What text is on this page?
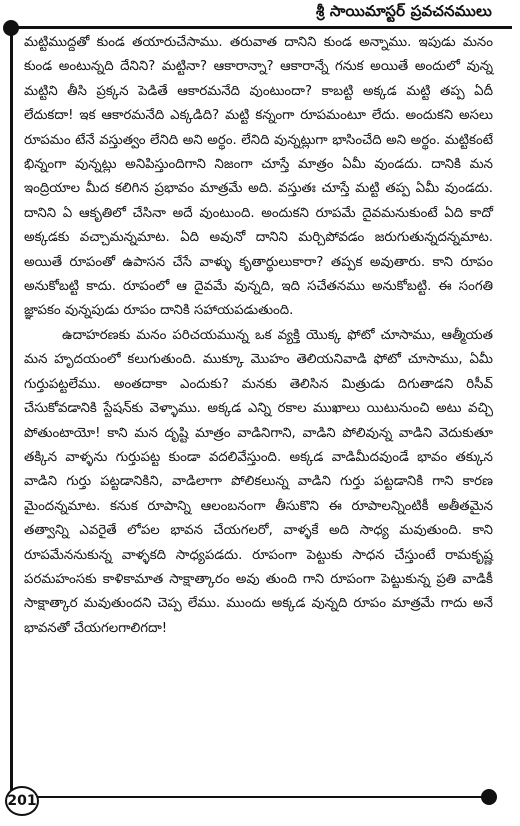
శ్రీ సాయిమాస్టర్ ప్రవచనములు

మట్టిముద్దతో కుండ తయారుచేసాము. తరువాత దానిని కుండ అన్నాము. ఇపుడు మనం కుండ అంటున్నది దేనిని? మట్టినా? ఆకారాన్నా? ఆకారాన్నే గనుక అయితే అందులో వున్న మట్టిని తీసి ప్రక్కన పెడితే ఆకారమనేది వుంటుందా? కాబట్టి అక్కడ మట్టి తప్ప ఏదీ లేదుకదా! ఇక ఆకారమనేది ఎక్కడిది? మట్టి కన్నంగా రూపమంటూ లేదు. అందుకని అసలు రూపమం టేనే వస్తుత్వం లేనిది అని అర్థం. లేనిది వున్నట్లుగా భాసించేది అని అర్థం. మట్టికంటే భిన్నంగా వున్నట్లు అనిపిస్తుందిగాని నిజంగా చూస్తే మాత్రం ఏమీ వుండదు. దానికి మన ఇంద్రియాల మీద కలిగిన ప్రభావం మాత్రమే అది. వస్తుతః చూస్తే మట్టి తప్ప ఏమీ వుండదు. దానిని ఏ ఆకృతిలో చేసినా అదే వుంటుంది. అందుకని రూపమే దైవమనుకుంటే ఏది కాదో అక్కడకు వచ్చామన్నమాట. ఏది అవునో దానిని మర్చిపోవడం జరుగుతున్నదన్నమాట. అయితే రూపంతో ఉపాసన చేసే వాళ్ళు కృతార్థులుకారా? తప్పక అవుతారు. కాని రూపం అనుకోబట్టి కాదు. రూపంలో ఆ దైవమే వున్నది, ఇది సచేతనము అనుకోబట్టి. ఈ సంగతి జ్ఞాపకం వున్నపుడు రూపం దానికి సహాయపడుతుంది.

ఉదాహరణకు మనం పరిచయమున్న ఒక వ్యక్తి యొక్క ఫోటో చూసాము, ఆత్మీయత మన హృదయంలో కలుగుతుంది. ముక్కూ మొహం తెలియనివాడి ఫోటో చూసాము, ఏమీ గుర్తుపట్టలేము. అంతదాకా ఎందుకు? మనకు తెలిసిన మిత్రుడు దిగుతాడని రిసీవ్ చేసుకోవడానికి స్టేషన్‌కు వెళ్ళాము. అక్కడ ఎన్ని రకాల ముఖాలు యిటునుంచి అటు వచ్చి పోతుంటాయో! కాని మన దృష్టి మాత్రం వాడినిగాని, వాడిని పోలివున్న వాడిని వెదుకుతూ తక్కిన వాళ్ళను గుర్తుపట్ట కుండా వదలివేస్తుంది. అక్కడ వాడిమీదవుండే భావం తక్కున వాడిని గుర్తు పట్టడానికిని, వాడిలాగా పోలికలున్న వాడిని గుర్తు పట్టడానికి గాని కారణ మైందన్నమాట. కనుక రూపాన్ని ఆలంబనంగా తీసుకొని ఈ రూపాలన్నింటికీ అతీతమైన తత్వాన్ని ఎవరైతే లోపల భావన చేయగలరో, వాళ్ళకే అది సాధ్య మవుతుంది. కాని రూపమేననుకున్న వాళ్ళకది సాధ్యపడదు. రూపంగా పెట్టుకు సాధన చేస్తుంటే రామకృష్ణ పరమహంసకు కాళికామాత సాక్షాత్కారం అవు తుంది గాని రూపంగా పెట్టుకున్న ప్రతి వాడికీ సాక్షాత్కార మవుతుందని చెప్ప లేము. ముందు అక్కడ వున్నది రూపం మాత్రమే గాదు అనే భావనతో చేయగలగాలిగదా!

201
